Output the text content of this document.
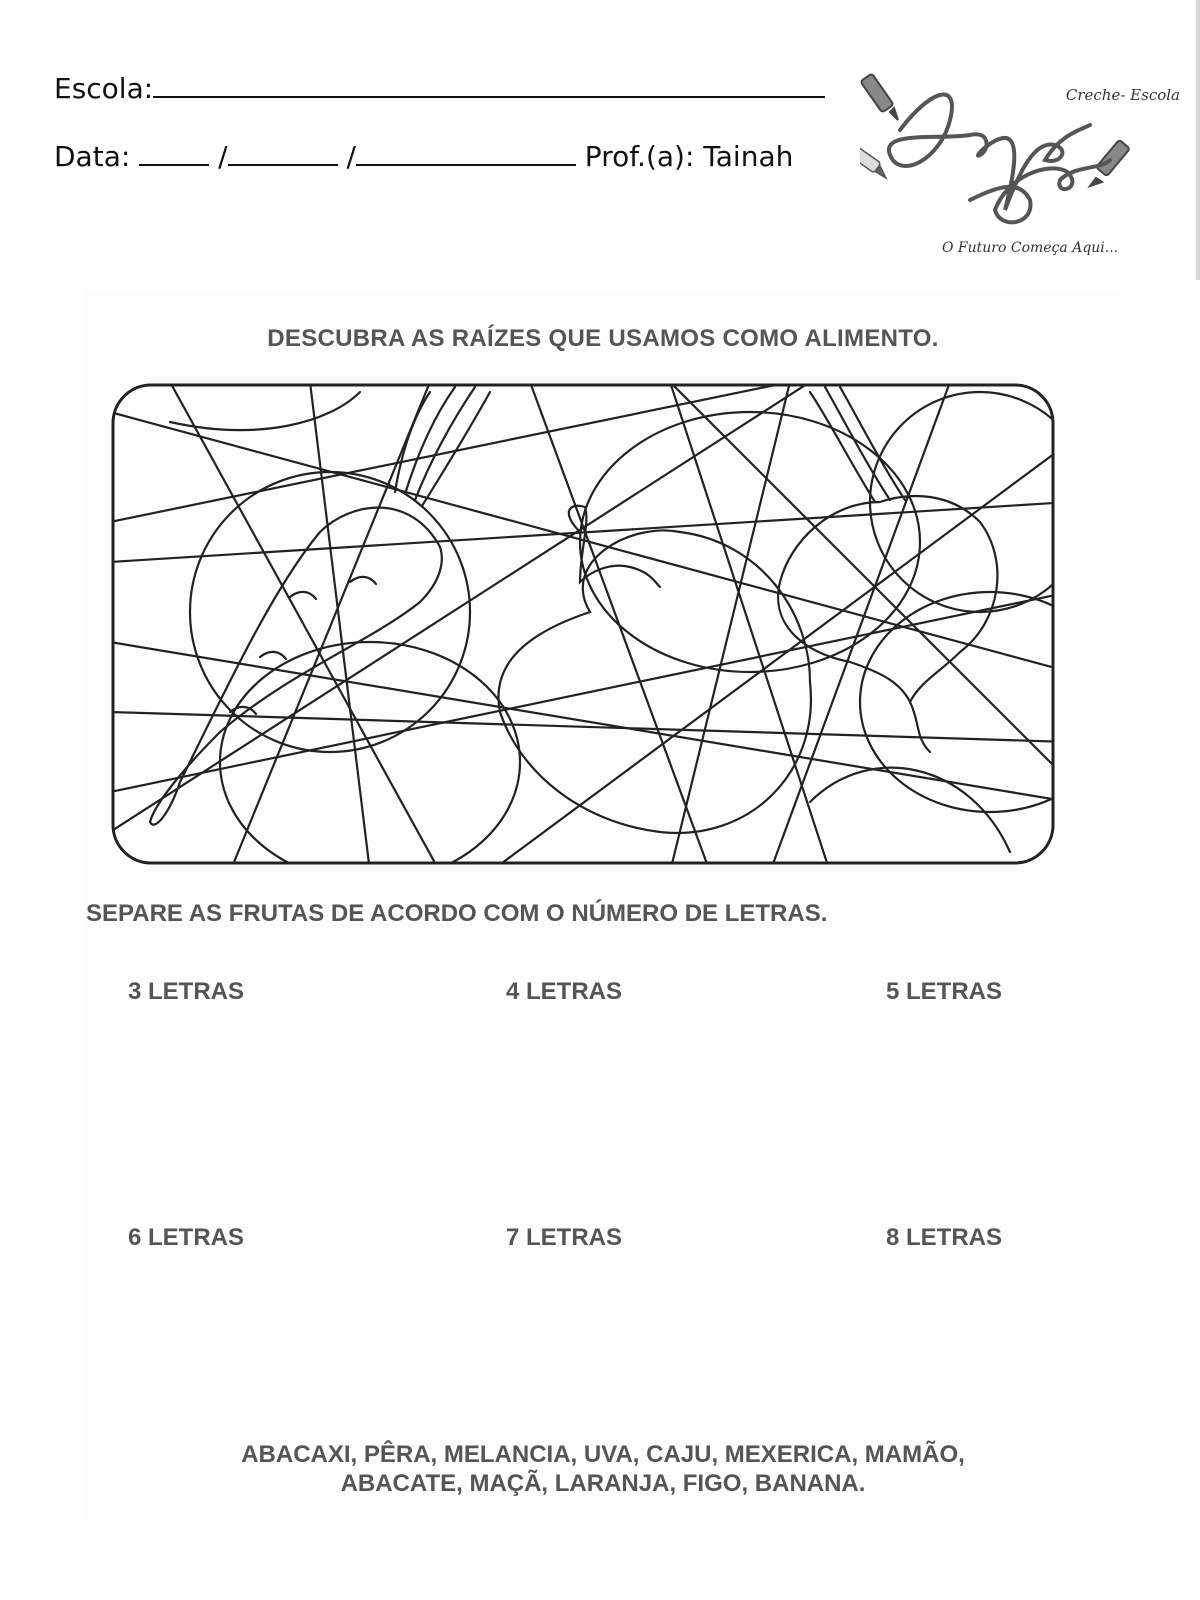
Escola:
Data:	/	/	Prof.(a): Tainah
Creche- Escola
O Futuro Começa Aqui...
DESCUBRA AS RAÍZES QUE USAMOS COMO ALIMENTO.
SEPARE AS FRUTAS DE ACORDO COM O NÚMERO DE LETRAS.
3 LETRAS	4 LETRAS	5 LETRAS
6 LETRAS	7 LETRAS	8 LETRAS
ABACAXI, PÊRA, MELANCIA, UVA, CAJU, MEXERICA, MAMÃO,
ABACATE, MAÇÃ, LARANJA, FIGO, BANANA.
